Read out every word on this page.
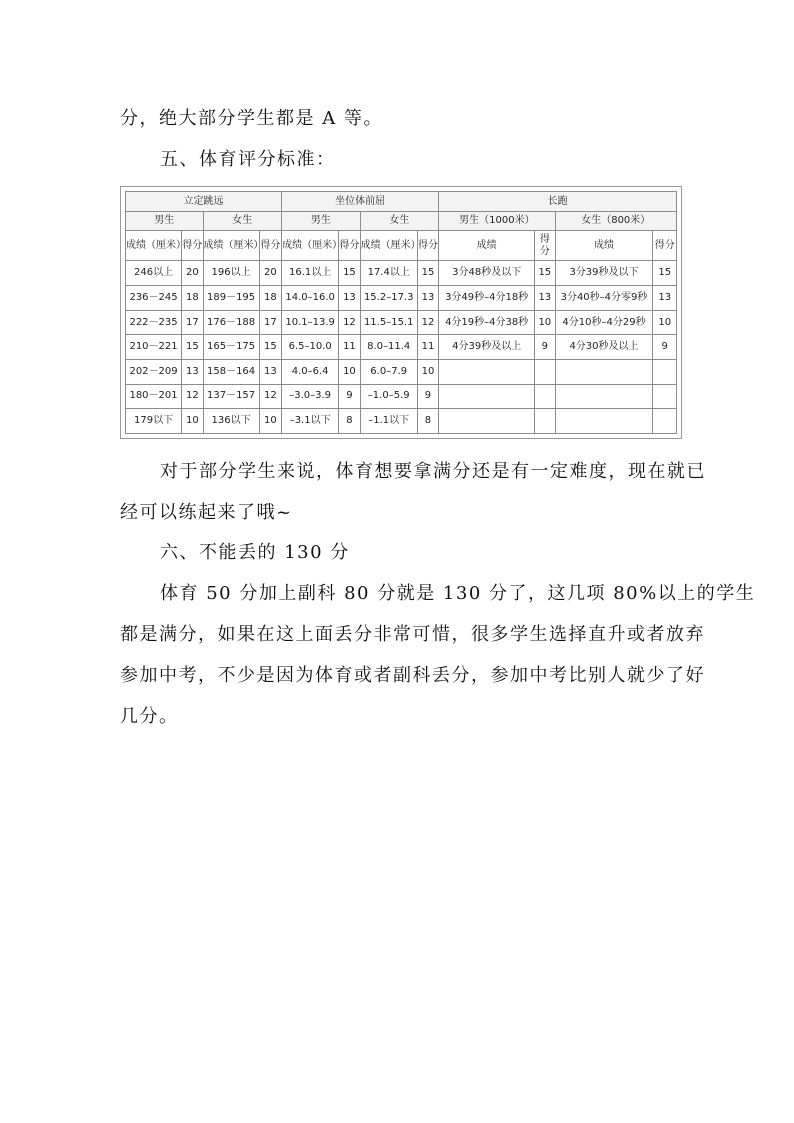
分，绝大部分学生都是 A 等。

五、体育评分标准：

立定跳远				坐位体前屈				长跑			
男生		女生		男生		女生		男生（1000米）		女生（800米）	
成绩（厘米）	得分	成绩（厘米）	得分	成绩（厘米）	得分	成绩（厘米）	得分	成绩	得分	成绩	得分
246以上	20	196以上	20	16.1以上	15	17.4以上	15	3分48秒及以下	15	3分39秒及以下	15
236－245	18	189－195	18	14.0–16.0	13	15.2–17.3	13	3分49秒–4分18秒	13	3分40秒–4分零9秒	13
222－235	17	176－188	17	10.1–13.9	12	11.5–15.1	12	4分19秒–4分38秒	10	4分10秒–4分29秒	10
210－221	15	165－175	15	6.5–10.0	11	8.0–11.4	11	4分39秒及以上	9	4分30秒及以上	9
202－209	13	158－164	13	4.0–6.4	10	6.0–7.9	10				
180－201	12	137－157	12	–3.0–3.9	9	–1.0–5.9	9				
179以下	10	136以下	10	–3.1以下	8	–1.1以下	8				

对于部分学生来说，体育想要拿满分还是有一定难度，现在就已

经可以练起来了哦~

六、不能丢的 130 分

体育 50 分加上副科 80 分就是 130 分了，这几项 80%以上的学生

都是满分，如果在这上面丢分非常可惜，很多学生选择直升或者放弃

参加中考，不少是因为体育或者副科丢分，参加中考比别人就少了好

几分。
